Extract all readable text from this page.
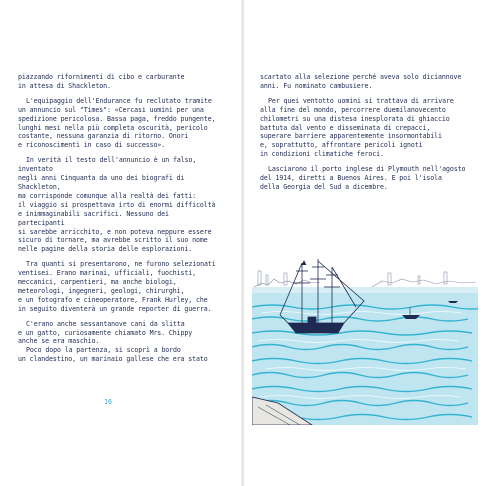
piazzando rifornimenti di cibo e carburante
in attesa di Shackleton.

L'equipaggio dell'Endurance fu reclutato tramite
un annuncio sul "Times": «Cercasi uomini per una
spedizione pericolosa. Bassa paga, freddo pungente,
lunghi mesi nella più completa oscurità, pericolo
costante, nessuna garanzia di ritorno. Onori
e riconoscimenti in caso di successo».

In verità il testo dell'annuncio è un falso, inventato
negli anni Cinquanta da uno dei biografi di Shackleton,
ma corrisponde comunque alla realtà dei fatti:
il viaggio si prospettava irto di enormi difficoltà
e inimmaginabili sacrifici. Nessuno dei partecipanti
si sarebbe arricchito, e non poteva neppure essere
sicuro di tornare, ma avrebbe scritto il suo nome
nelle pagine della storia delle esplorazioni.

Tra quanti si presentarono, ne furono selezionati
ventisei. Erano marinai, ufficiali, fuochisti,
meccanici, carpentieri, ma anche biologi,
meteorologi, ingegneri, geologi, chirurghi,
e un fotografo e cineoperatore, Frank Hurley, che
in seguito diventerà un grande reporter di guerra.

C'erano anche sessantanove cani da slitta
e un gatto, curiosamente chiamato Mrs. Chippy
anche se era maschio.

Poco dopo la partenza, si scoprì a bordo
un clandestino, un marinaio gallese che era stato

16

scartato alla selezione perché aveva solo diciannove
anni. Fu nominato cambusiere.

Per quei ventotto uomini si trattava di arrivare
alla fine del mondo, percorrere duemilanovecento
chilometri su una distesa inesplorata di ghiaccio
battuta dal vento e disseminata di crepacci,
superare barriere apparentemente insormontabili
e, soprattutto, affrontare pericoli ignoti
in condizioni climatiche feroci.

Lasciarono il porto inglese di Plymouth nell'agosto
del 1914, diretti a Buenos Aires. E poi l'isola
della Georgia del Sud a dicembre.
